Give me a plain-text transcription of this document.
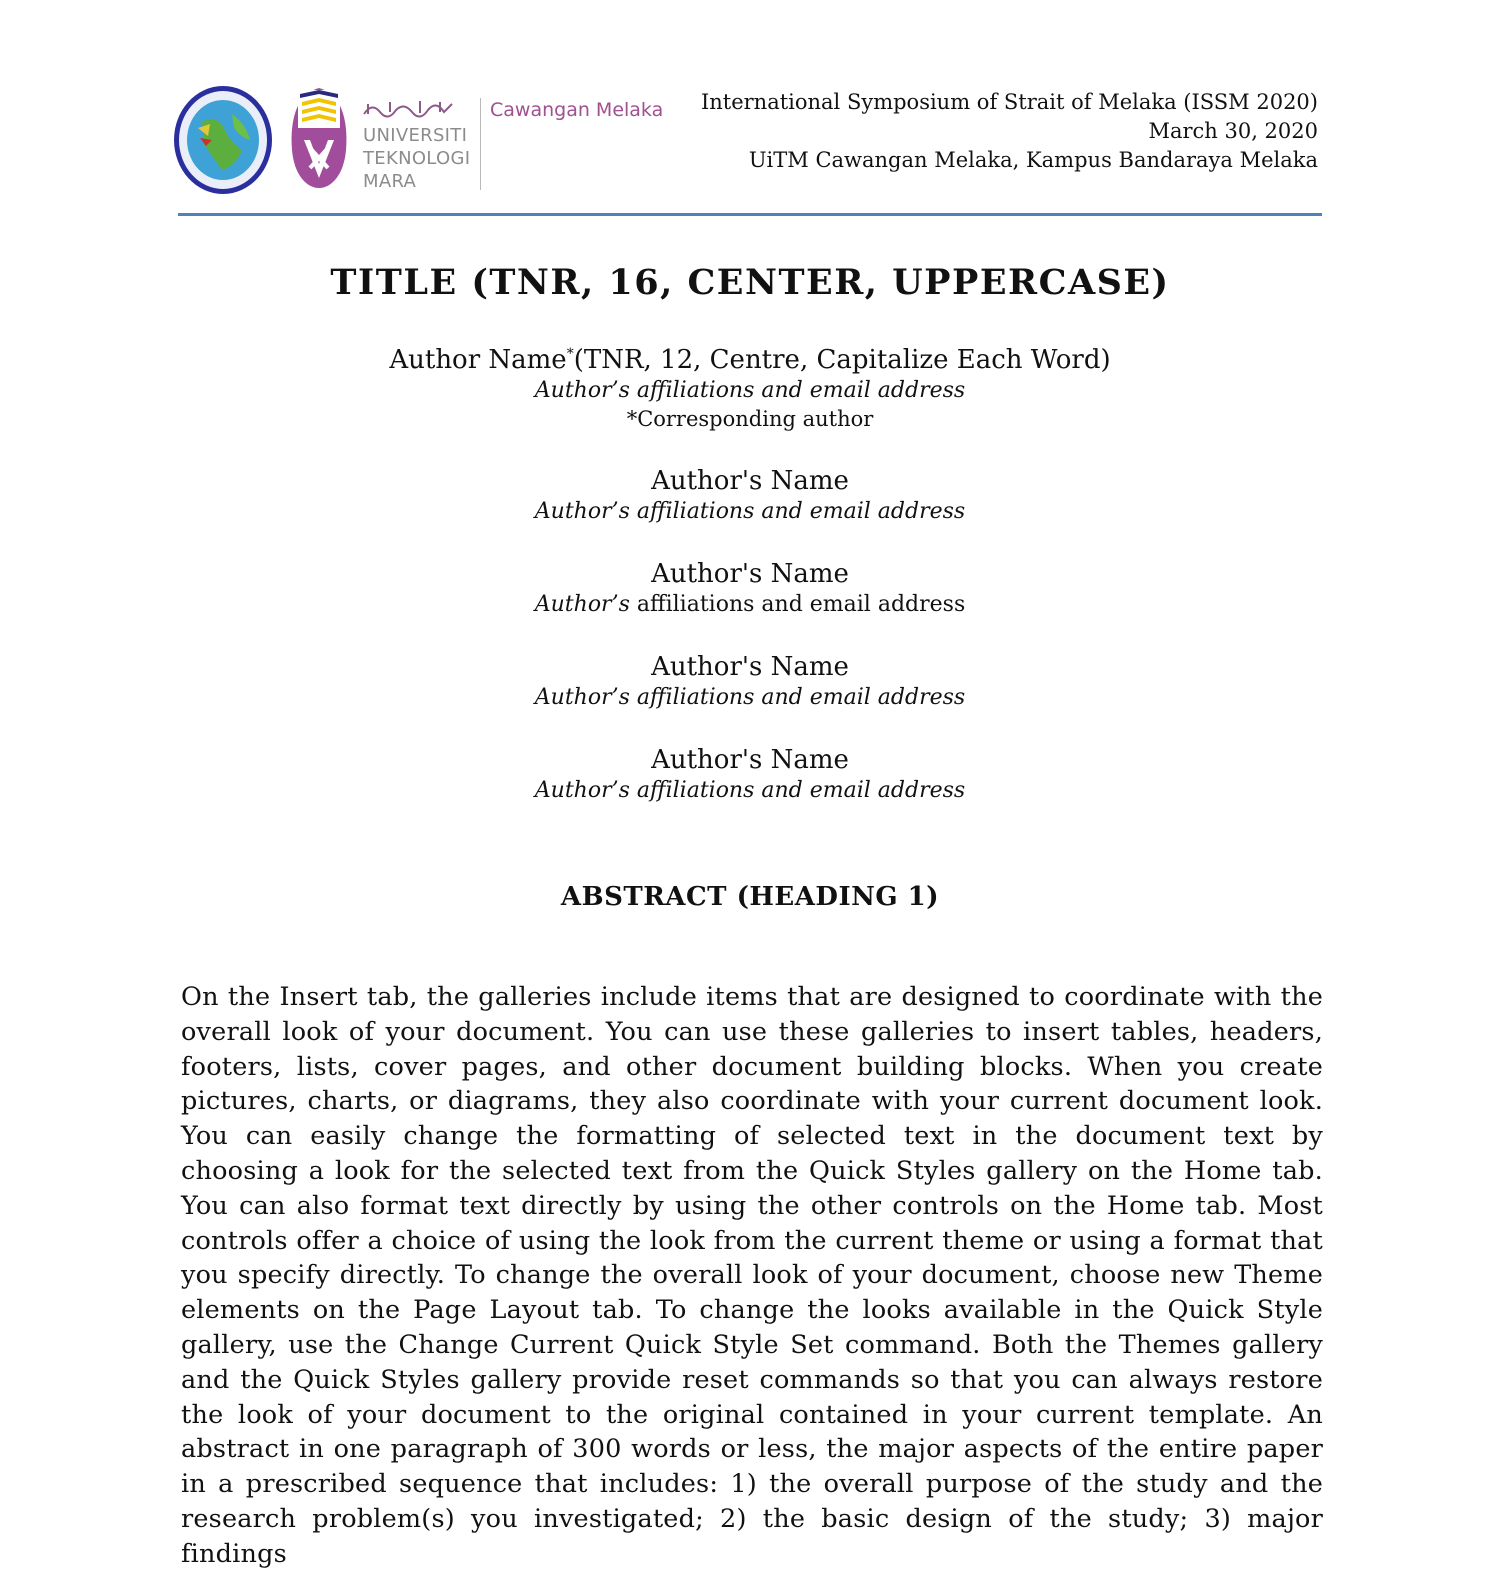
UNIVERSITI
TEKNOLOGI
MARA
Cawangan Melaka International Symposium of Strait of Melaka (ISSM 2020)
March 30, 2020
UiTM Cawangan Melaka, Kampus Bandaraya Melaka
TITLE (TNR, 16, CENTER, UPPERCASE)
Author Name*(TNR, 12, Centre, Capitalize Each Word)
Author’s affiliations and email address
*Corresponding author
Author's Name
Author’s affiliations and email address
Author's Name
Author’s affiliations and email address
Author's Name
Author’s affiliations and email address
Author's Name
Author’s affiliations and email address
ABSTRACT (HEADING 1)
On the Insert tab, the galleries include items that are designed to coordinate with the overall look of your document. You can use these galleries to insert tables, headers, footers, lists, cover pages, and other document building blocks. When you create pictures, charts, or diagrams, they also coordinate with your current document look. You can easily change the formatting of selected text in the document text by choosing a look for the selected text from the Quick Styles gallery on the Home tab. You can also format text directly by using the other controls on the Home tab. Most controls offer a choice of using the look from the current theme or using a format that you specify directly. To change the overall look of your document, choose new Theme elements on the Page Layout tab. To change the looks available in the Quick Style gallery, use the Change Current Quick Style Set command. Both the Themes gallery and the Quick Styles gallery provide reset commands so that you can always restore the look of your document to the original contained in your current template. An abstract in one paragraph of 300 words or less, the major aspects of the entire paper in a prescribed sequence that includes: 1) the overall purpose of the study and the research problem(s) you investigated; 2) the basic design of the study; 3) major findings
